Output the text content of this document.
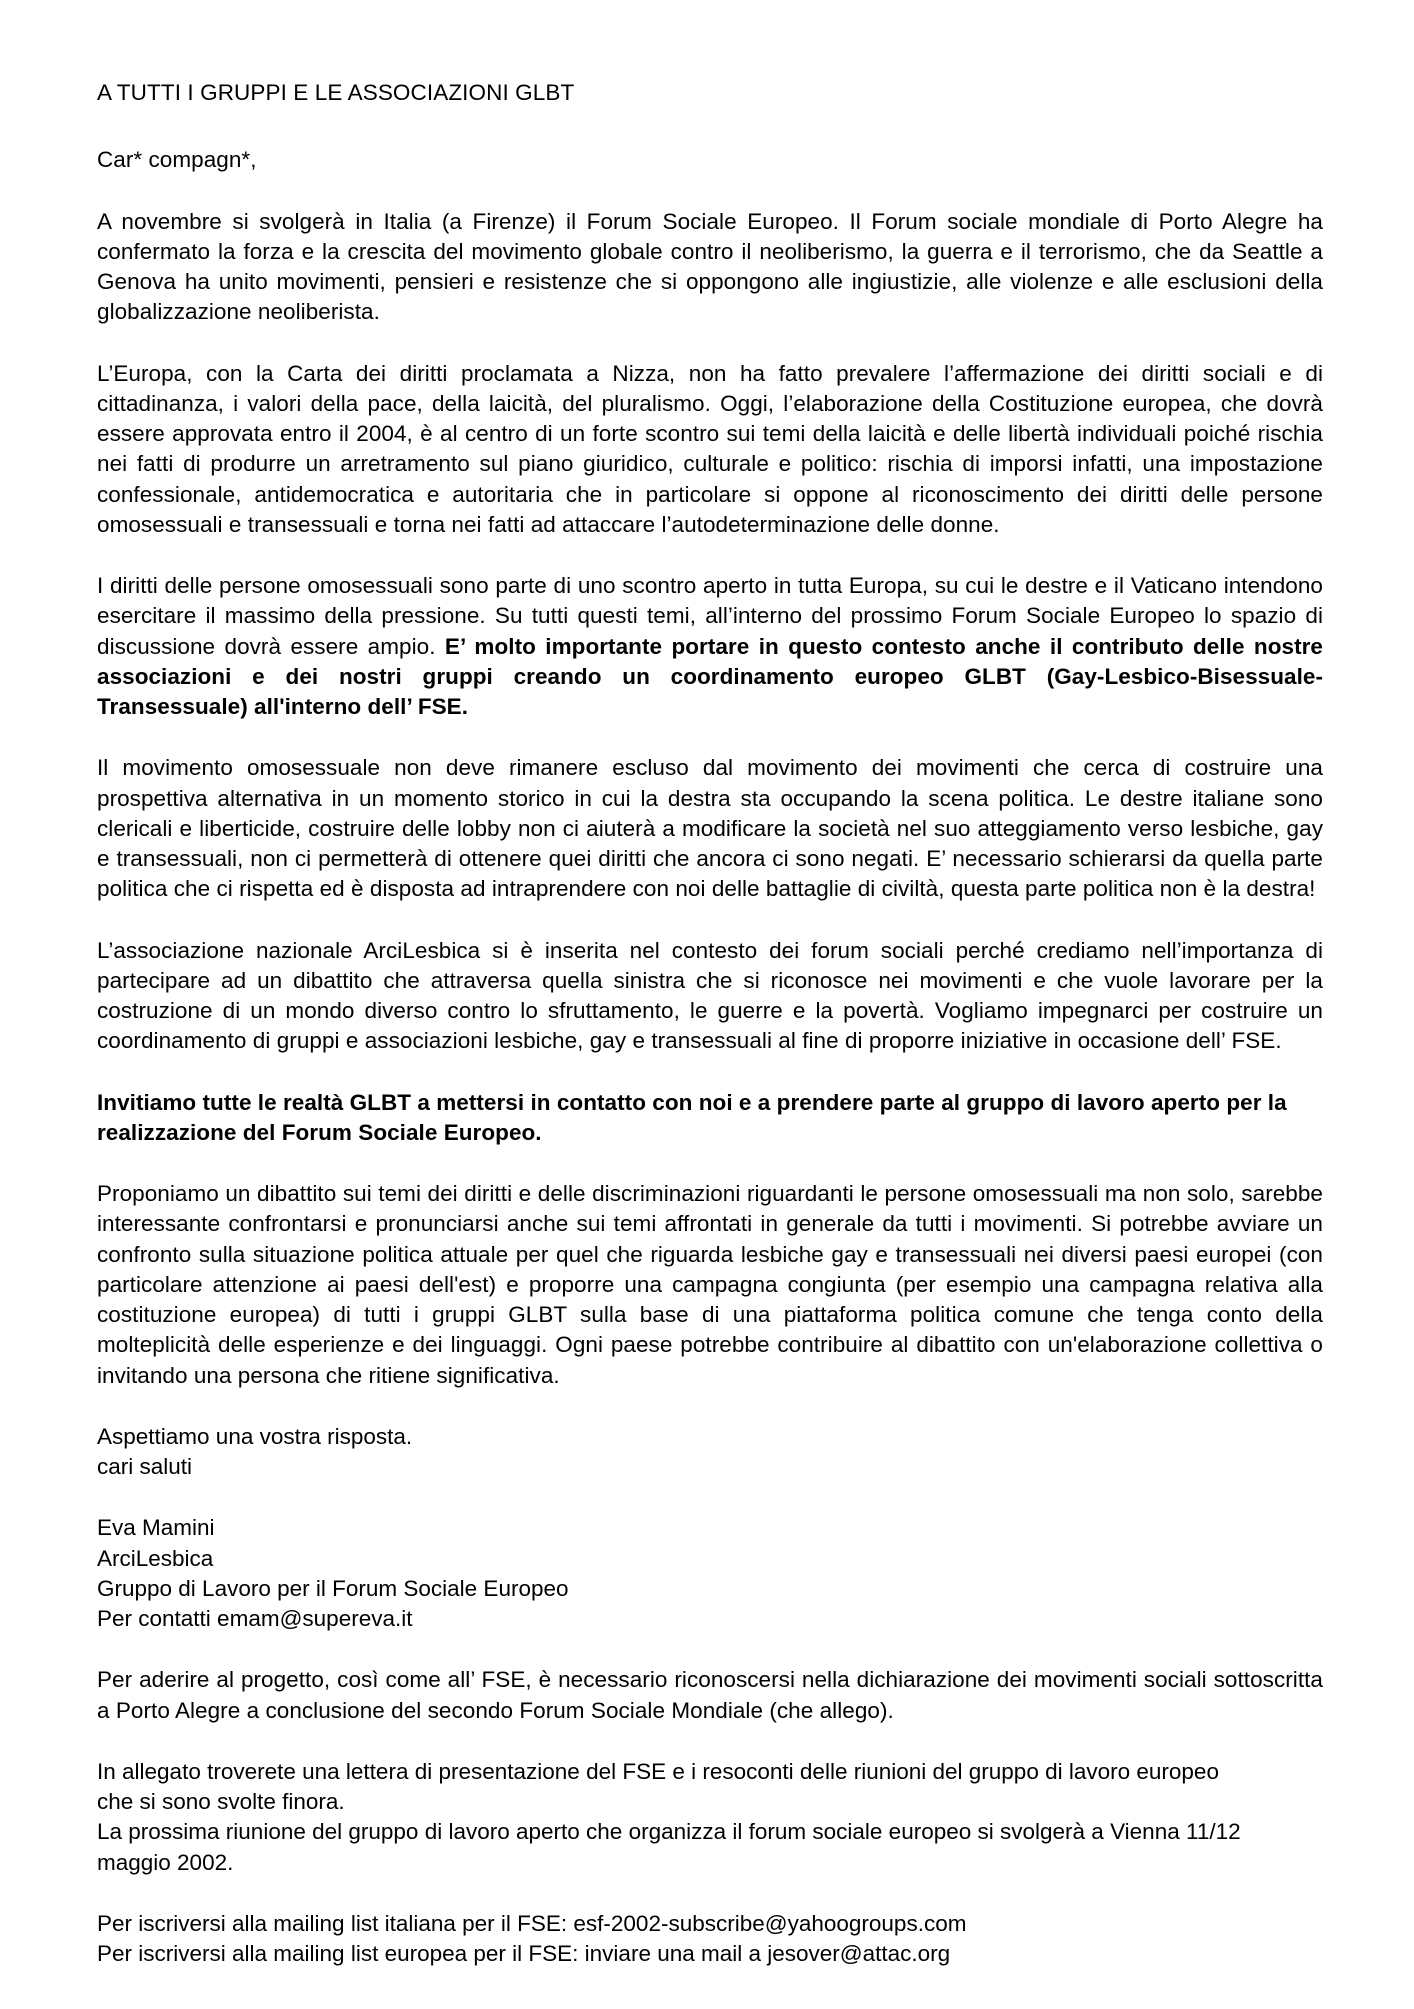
A TUTTI I GRUPPI E LE ASSOCIAZIONI GLBT

Car* compagn*,

A novembre si svolgerà in Italia (a Firenze) il Forum Sociale Europeo. Il Forum sociale mondiale di Porto Alegre ha confermato la forza e la crescita del movimento globale contro il neoliberismo, la guerra e il terrorismo, che da Seattle a Genova ha unito movimenti, pensieri e resistenze che si oppongono alle ingiustizie, alle violenze e alle esclusioni della globalizzazione neoliberista.

L’Europa, con la Carta dei diritti proclamata a Nizza, non ha fatto prevalere l’affermazione dei diritti sociali e di cittadinanza, i valori della pace, della laicità, del pluralismo. Oggi, l’elaborazione della Costituzione europea, che dovrà essere approvata entro il 2004, è al centro di un forte scontro sui temi della laicità e delle libertà individuali poiché rischia nei fatti di produrre un arretramento sul piano giuridico, culturale e politico: rischia di imporsi infatti, una impostazione confessionale, antidemocratica e autoritaria che in particolare si oppone al riconoscimento dei diritti delle persone omosessuali e transessuali e torna nei fatti ad attaccare l’autodeterminazione delle donne.

I diritti delle persone omosessuali sono parte di uno scontro aperto in tutta Europa, su cui le destre e il Vaticano intendono esercitare il massimo della pressione. Su tutti questi temi, all’interno del prossimo Forum Sociale Europeo lo spazio di discussione dovrà essere ampio. E’ molto importante portare in questo contesto anche il contributo delle nostre associazioni e dei nostri gruppi creando un coordinamento europeo GLBT (Gay-Lesbico-Bisessuale-Transessuale) all'interno dell’ FSE.

Il movimento omosessuale non deve rimanere escluso dal movimento dei movimenti che cerca di costruire una prospettiva alternativa in un momento storico in cui la destra sta occupando la scena politica. Le destre italiane sono clericali e liberticide, costruire delle lobby non ci aiuterà a modificare la società nel suo atteggiamento verso lesbiche, gay e transessuali, non ci permetterà di ottenere quei diritti che ancora ci sono negati. E’ necessario schierarsi da quella parte politica che ci rispetta ed è disposta ad intraprendere con noi delle battaglie di civiltà, questa parte politica non è la destra!

L’associazione nazionale ArciLesbica si è inserita nel contesto dei forum sociali perché crediamo nell’importanza di partecipare ad un dibattito che attraversa quella sinistra che si riconosce nei movimenti e che vuole lavorare per la costruzione di un mondo diverso contro lo sfruttamento, le guerre e la povertà. Vogliamo impegnarci per costruire un coordinamento di gruppi e associazioni lesbiche, gay e transessuali al fine di proporre iniziative in occasione dell’ FSE.

Invitiamo tutte le realtà GLBT a mettersi in contatto con noi e a prendere parte al gruppo di lavoro aperto per la realizzazione del Forum Sociale Europeo.

Proponiamo un dibattito sui temi dei diritti e delle discriminazioni riguardanti le persone omosessuali ma non solo, sarebbe interessante confrontarsi e pronunciarsi anche sui temi affrontati in generale da tutti i movimenti. Si potrebbe avviare un confronto sulla situazione politica attuale per quel che riguarda lesbiche gay e transessuali nei diversi paesi europei (con particolare attenzione ai paesi dell'est) e proporre una campagna congiunta (per esempio una campagna relativa alla costituzione europea) di tutti i gruppi GLBT sulla base di una piattaforma politica comune che tenga conto della molteplicità delle esperienze e dei linguaggi. Ogni paese potrebbe contribuire al dibattito con un'elaborazione collettiva o invitando una persona che ritiene significativa.

Aspettiamo una vostra risposta.

cari saluti

Eva Mamini

ArciLesbica

Gruppo di Lavoro per il Forum Sociale Europeo

Per contatti emam@supereva.it

Per aderire al progetto, così come all’ FSE, è necessario riconoscersi nella dichiarazione dei movimenti sociali sottoscritta a Porto Alegre a conclusione del secondo Forum Sociale Mondiale (che allego).

In allegato troverete una lettera di presentazione del FSE e i resoconti delle riunioni del gruppo di lavoro europeo

che si sono svolte finora.

La prossima riunione del gruppo di lavoro aperto che organizza il forum sociale europeo si svolgerà a Vienna 11/12

maggio 2002.

Per iscriversi alla mailing list italiana per il FSE: esf-2002-subscribe@yahoogroups.com

Per iscriversi alla mailing list europea per il FSE: inviare una mail a jesover@attac.org
